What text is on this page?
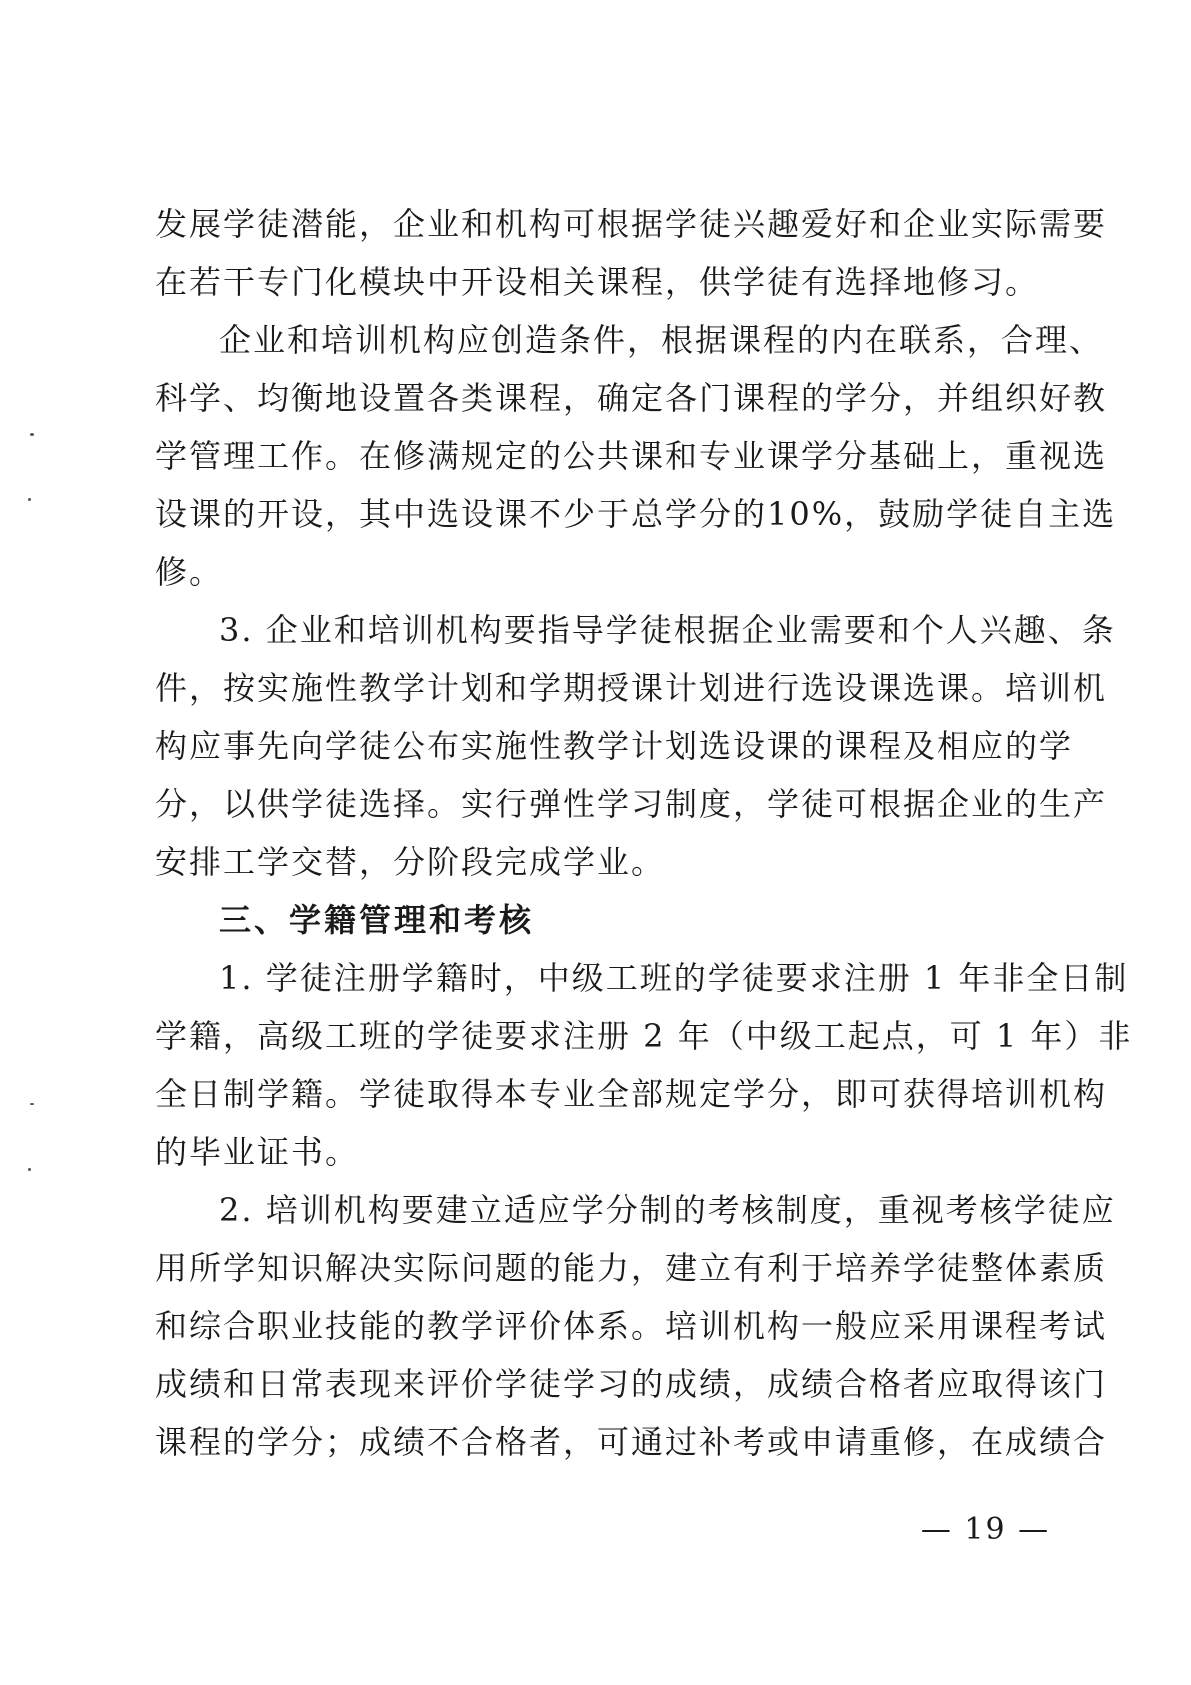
发展学徒潜能，企业和机构可根据学徒兴趣爱好和企业实际需要
在若干专门化模块中开设相关课程，供学徒有选择地修习。
企业和培训机构应创造条件，根据课程的内在联系，合理、
科学、均衡地设置各类课程，确定各门课程的学分，并组织好教
学管理工作。在修满规定的公共课和专业课学分基础上，重视选
设课的开设，其中选设课不少于总学分的10%，鼓励学徒自主选
修。
3. 企业和培训机构要指导学徒根据企业需要和个人兴趣、条
件，按实施性教学计划和学期授课计划进行选设课选课。培训机
构应事先向学徒公布实施性教学计划选设课的课程及相应的学
分，以供学徒选择。实行弹性学习制度，学徒可根据企业的生产
安排工学交替，分阶段完成学业。
三、学籍管理和考核
1. 学徒注册学籍时，中级工班的学徒要求注册 1 年非全日制
学籍，高级工班的学徒要求注册 2 年（中级工起点，可 1 年）非
全日制学籍。学徒取得本专业全部规定学分，即可获得培训机构
的毕业证书。
2. 培训机构要建立适应学分制的考核制度，重视考核学徒应
用所学知识解决实际问题的能力，建立有利于培养学徒整体素质
和综合职业技能的教学评价体系。培训机构一般应采用课程考试
成绩和日常表现来评价学徒学习的成绩，成绩合格者应取得该门
课程的学分；成绩不合格者，可通过补考或申请重修，在成绩合
— 19 —
